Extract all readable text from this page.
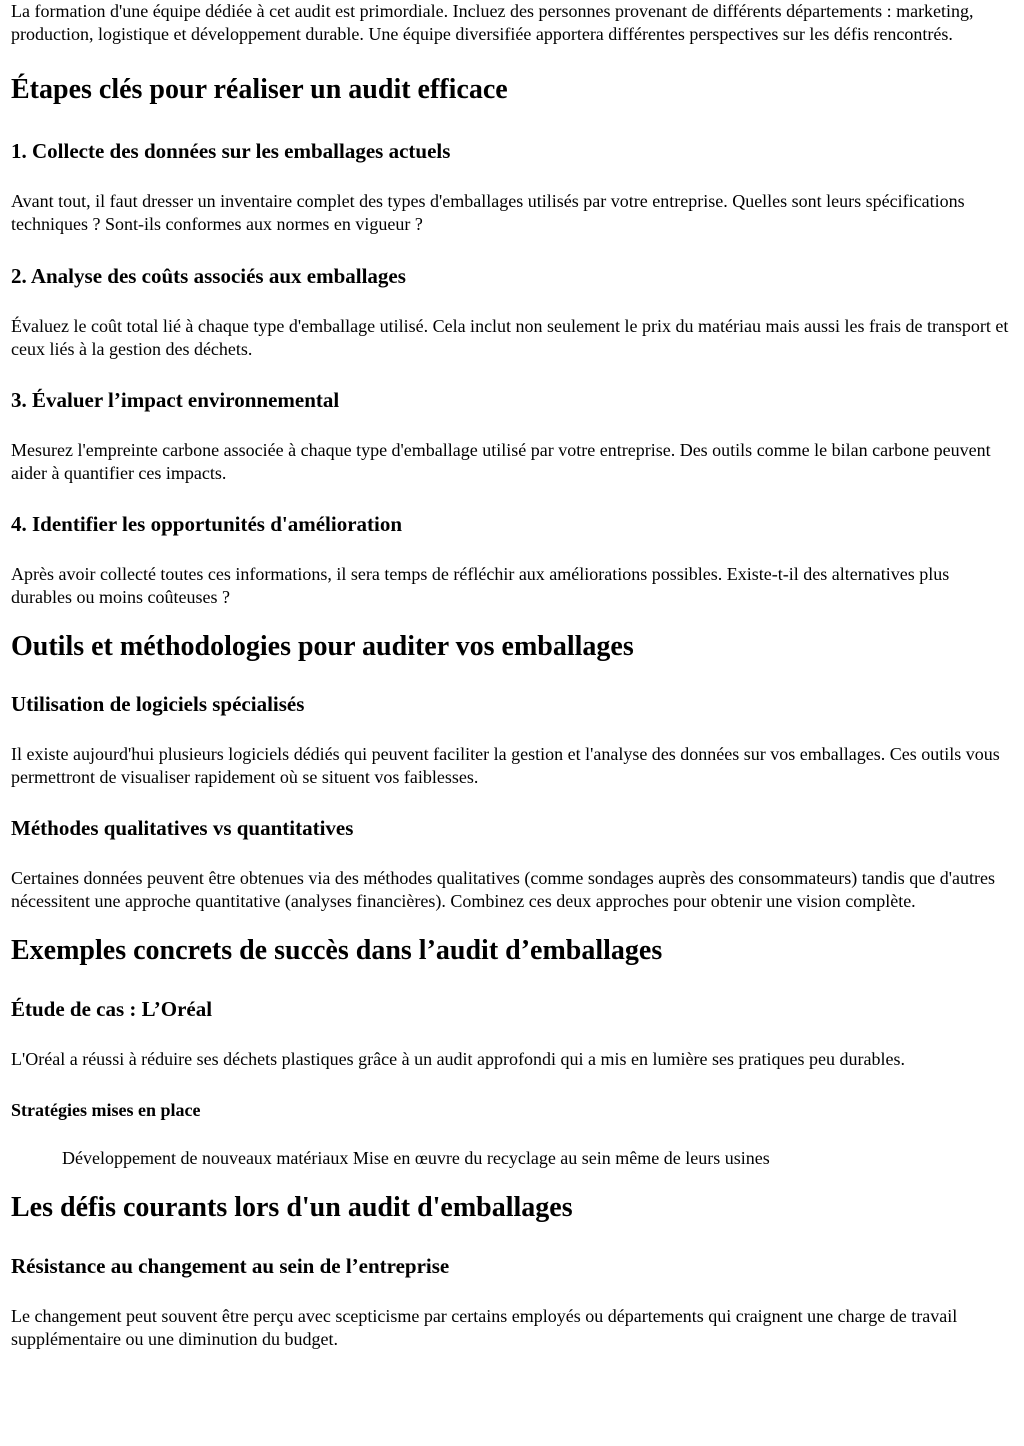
La formation d'une équipe dédiée à cet audit est primordiale. Incluez des personnes provenant de différents départements : marketing, production, logistique et développement durable. Une équipe diversifiée apportera différentes perspectives sur les défis rencontrés.

Étapes clés pour réaliser un audit efficace
1. Collecte des données sur les emballages actuels

Avant tout, il faut dresser un inventaire complet des types d'emballages utilisés par votre entreprise. Quelles sont leurs spécifications techniques ? Sont-ils conformes aux normes en vigueur ?

2. Analyse des coûts associés aux emballages

Évaluez le coût total lié à chaque type d'emballage utilisé. Cela inclut non seulement le prix du matériau mais aussi les frais de transport et ceux liés à la gestion des déchets.

3. Évaluer l’impact environnemental

Mesurez l'empreinte carbone associée à chaque type d'emballage utilisé par votre entreprise. Des outils comme le bilan carbone peuvent aider à quantifier ces impacts.

4. Identifier les opportunités d'amélioration

Après avoir collecté toutes ces informations, il sera temps de réfléchir aux améliorations possibles. Existe-t-il des alternatives plus durables ou moins coûteuses ?

Outils et méthodologies pour auditer vos emballages
Utilisation de logiciels spécialisés

Il existe aujourd'hui plusieurs logiciels dédiés qui peuvent faciliter la gestion et l'analyse des données sur vos emballages. Ces outils vous permettront de visualiser rapidement où se situent vos faiblesses.

Méthodes qualitatives vs quantitatives

Certaines données peuvent être obtenues via des méthodes qualitatives (comme sondages auprès des consommateurs) tandis que d'autres nécessitent une approche quantitative (analyses financières). Combinez ces deux approches pour obtenir une vision complète.

Exemples concrets de succès dans l’audit d’emballages
Étude de cas : L’Oréal

L'Oréal a réussi à réduire ses déchets plastiques grâce à un audit approfondi qui a mis en lumière ses pratiques peu durables.

Stratégies mises en place

Développement de nouveaux matériaux Mise en œuvre du recyclage au sein même de leurs usines

Les défis courants lors d'un audit d'emballages
Résistance au changement au sein de l’entreprise

Le changement peut souvent être perçu avec scepticisme par certains employés ou départements qui craignent une charge de travail supplémentaire ou une diminution du budget.
